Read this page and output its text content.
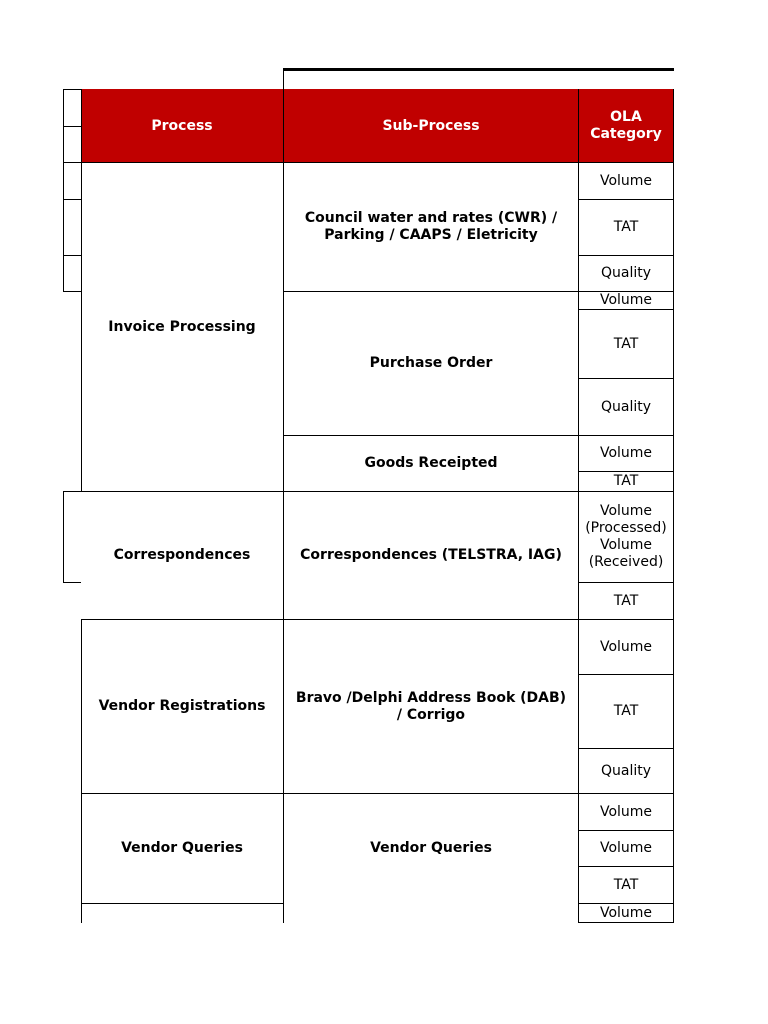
Process	Sub-Process
OLA Category
Invoice Processing
Correspondences
Vendor Registrations
Vendor Queries
Council water and rates (CWR) / Parking / CAAPS / Eletricity
Purchase Order
Goods Receipted
Correspondences (TELSTRA, IAG)
Bravo /Delphi Address Book (DAB) / Corrigo
Vendor Queries
Volume
TAT
Quality
Volume
TAT
Quality
Volume
TAT
Volume (Processed) Volume (Received)
TAT
Volume
TAT
Quality
Volume
Volume
TAT
Volume
